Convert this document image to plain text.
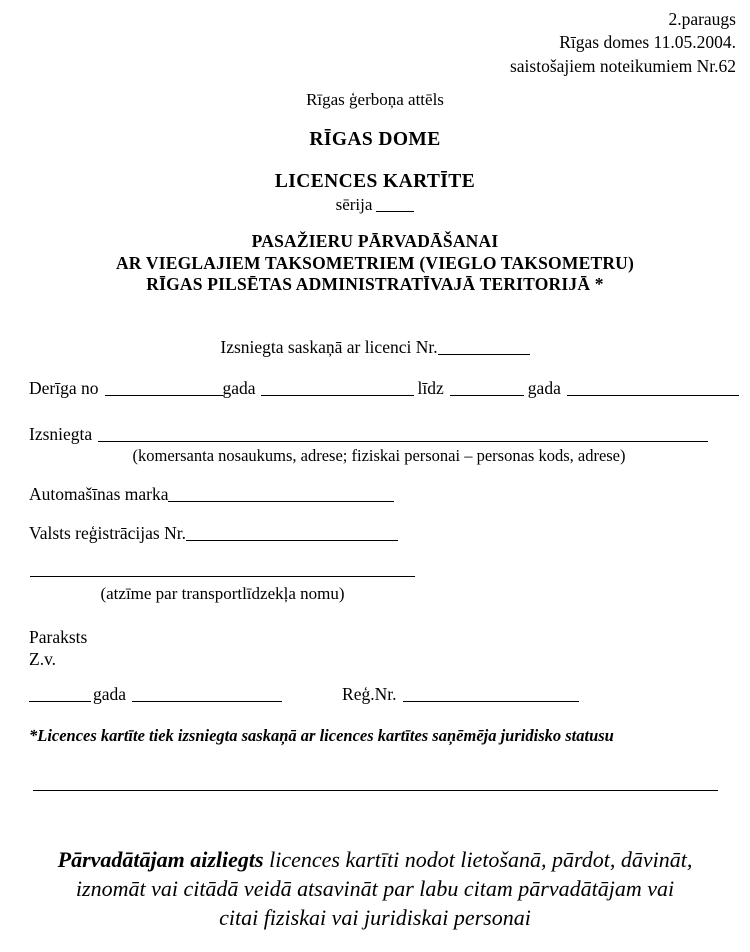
2.paraugs
Rīgas domes 11.05.2004.
saistošajiem noteikumiem Nr.62
Rīgas ģerboņa attēls
RĪGAS DOME
LICENCES KARTĪTE
sērija
PASAŽIERU PĀRVADĀŠANAI
AR VIEGLAJIEM TAKSOMETRIEM (VIEGLO TAKSOMETRU)
RĪGAS PILSĒTAS ADMINISTRATĪVAJĀ TERITORIJĀ *
Izsniegta saskaņā ar licenci Nr.
Derīga no	gada	līdz	gada
Izsniegta
(komersanta nosaukums, adrese; fiziskai personai – personas kods, adrese)
Automašīnas marka
Valsts reģistrācijas Nr.
(atzīme par transportlīdzekļa nomu)
Paraksts
Z.v.
gada	Reģ.Nr.
*Licences kartīte tiek izsniegta saskaņā ar licences kartītes saņēmēja juridisko statusu
Pārvadātājam aizliegts licences kartīti nodot lietošanā, pārdot, dāvināt,
iznomāt vai citādā veidā atsavināt par labu citam pārvadātājam vai
citai fiziskai vai juridiskai personai
